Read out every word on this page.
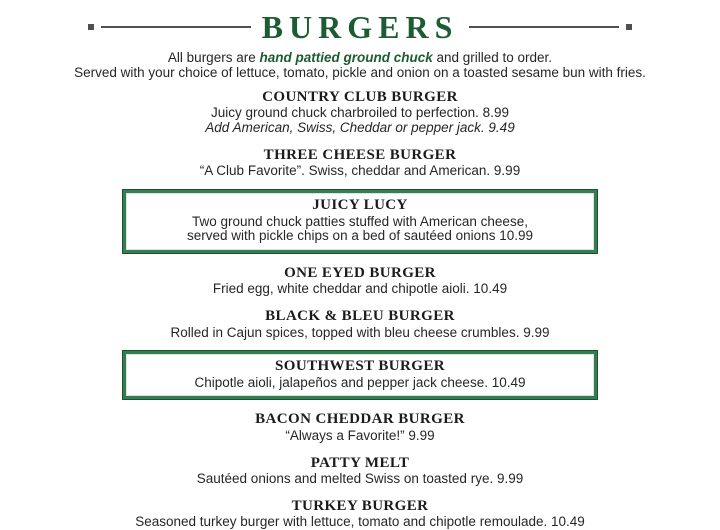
BURGERS
All burgers are hand pattied ground chuck and grilled to order.
Served with your choice of lettuce, tomato, pickle and onion on a toasted sesame bun with fries.
COUNTRY CLUB BURGER
Juicy ground chuck charbroiled to perfection. 8.99
Add American, Swiss, Cheddar or pepper jack. 9.49
THREE CHEESE BURGER
“A Club Favorite”. Swiss, cheddar and American. 9.99
JUICY LUCY
Two ground chuck patties stuffed with American cheese,
served with pickle chips on a bed of sautéed onions 10.99
ONE EYED BURGER
Fried egg, white cheddar and chipotle aioli. 10.49
BLACK & BLEU BURGER
Rolled in Cajun spices, topped with bleu cheese crumbles. 9.99
SOUTHWEST BURGER
Chipotle aioli, jalapeños and pepper jack cheese. 10.49
BACON CHEDDAR BURGER
“Always a Favorite!” 9.99
PATTY MELT
Sautéed onions and melted Swiss on toasted rye. 9.99
TURKEY BURGER
Seasoned turkey burger with lettuce, tomato and chipotle remoulade. 10.49
